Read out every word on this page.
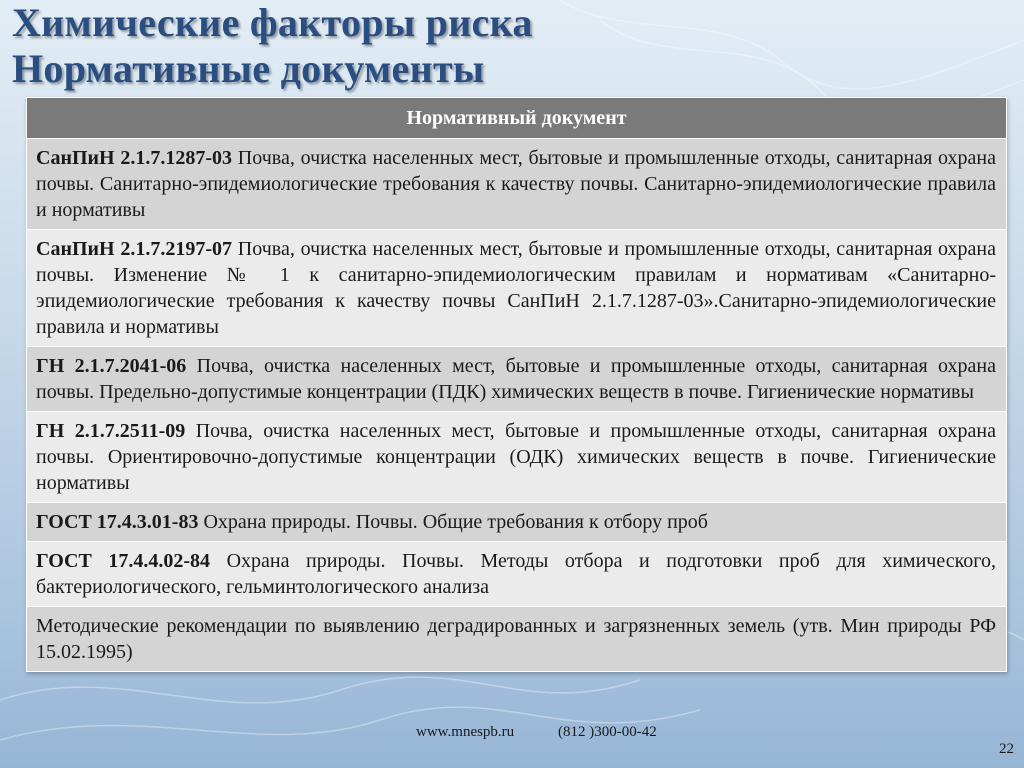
Химические факторы риска
Нормативные документы
Нормативный документ
СанПиН 2.1.7.1287-03 Почва, очистка населенных мест, бытовые и промышленные отходы, санитарная охрана почвы. Санитарно-эпидемиологические требования к качеству почвы. Санитарно-эпидемиологические правила и нормативы
СанПиН 2.1.7.2197-07 Почва, очистка населенных мест, бытовые и промышленные отходы, санитарная охрана почвы. Изменение № 1 к санитарно-эпидемиологическим правилам и нормативам «Санитарно-эпидемиологические требования к качеству почвы СанПиН 2.1.7.1287-03».Санитарно-эпидемиологические правила и нормативы
ГН 2.1.7.2041-06 Почва, очистка населенных мест, бытовые и промышленные отходы, санитарная охрана почвы. Предельно-допустимые концентрации (ПДК) химических веществ в почве. Гигиенические нормативы
ГН 2.1.7.2511-09 Почва, очистка населенных мест, бытовые и промышленные отходы, санитарная охрана почвы. Ориентировочно-допустимые концентрации (ОДК) химических веществ в почве. Гигиенические нормативы
ГОСТ 17.4.3.01-83 Охрана природы. Почвы. Общие требования к отбору проб
ГОСТ 17.4.4.02-84 Охрана природы. Почвы. Методы отбора и подготовки проб для химического, бактериологического, гельминтологического анализа
Методические рекомендации по выявлению деградированных и загрязненных земель (утв. Мин природы РФ 15.02.1995)
www.mnespb.ru	(812 )300-00-42
22
